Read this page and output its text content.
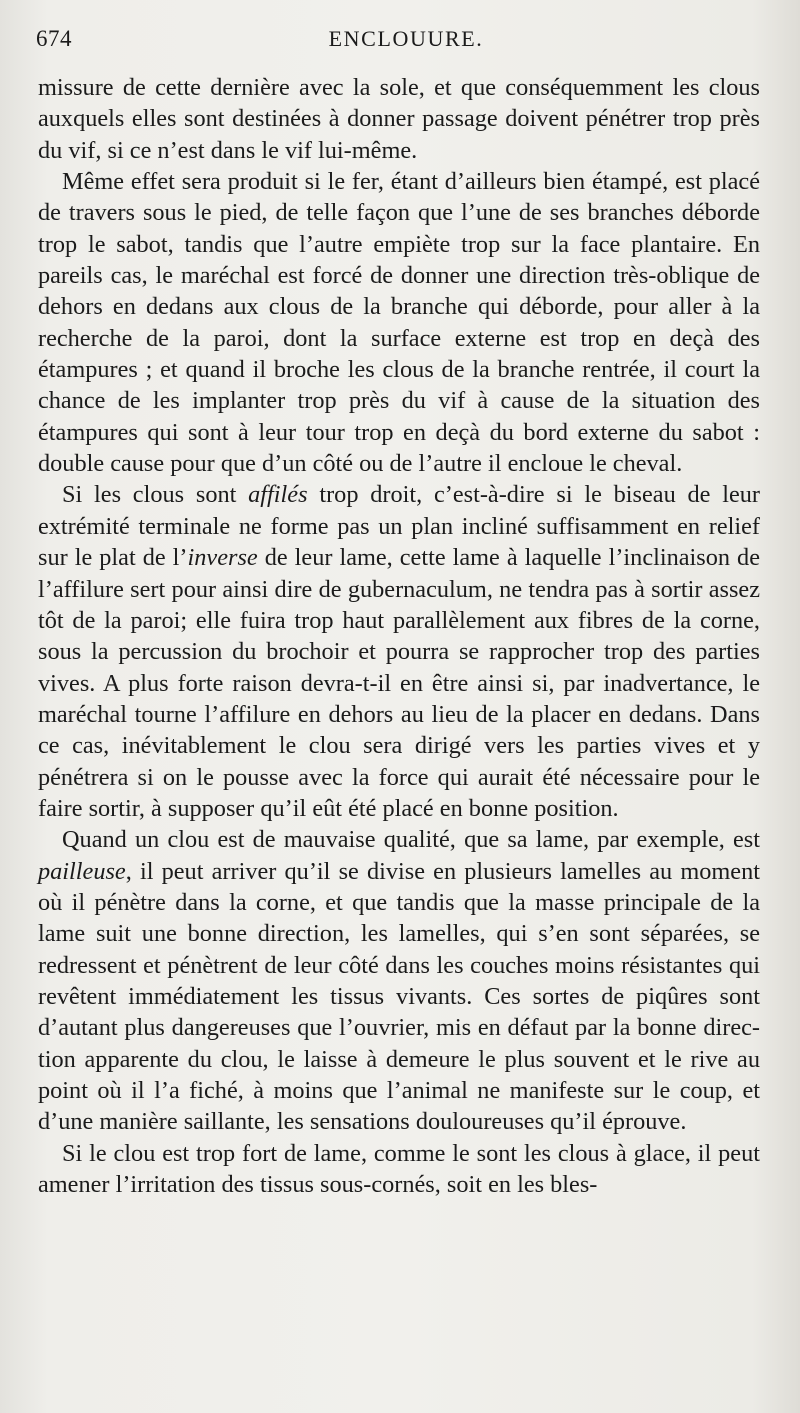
674	ENCLOUURE.

missure de cette dernière avec la sole, et que conséquemment les clous auxquels elles sont destinées à donner passage doivent pénétrer trop près du vif, si ce n’est dans le vif lui-même.

Même effet sera produit si le fer, étant d’ailleurs bien étampé, est placé de travers sous le pied, de telle façon que l’une de ses branches déborde trop le sabot, tandis que l’autre empiète trop sur la face plantaire. En pareils cas, le maréchal est forcé de donner une direction très-oblique de dehors en dedans aux clous de la branche qui déborde, pour aller à la recherche de la paroi, dont la surface externe est trop en deçà des étampures ; et quand il broche les clous de la branche rentrée, il court la chance de les implanter trop près du vif à cause de la situation des étampures qui sont à leur tour trop en deçà du bord externe du sabot : double cause pour que d’un côté ou de l’autre il encloue le cheval.

Si les clous sont affilés trop droit, c’est-à-dire si le biseau de leur extrémité terminale ne forme pas un plan incliné suffisamment en relief sur le plat de l’inverse de leur lame, cette lame à laquelle l’inclinaison de l’affilure sert pour ainsi dire de gubernaculum, ne tendra pas à sortir assez tôt de la paroi; elle fuira trop haut parallèlement aux fibres de la corne, sous la percussion du brochoir et pourra se rapprocher trop des parties vives. A plus forte raison devra-t-il en être ainsi si, par inadvertance, le maréchal tourne l’affilure en dehors au lieu de la placer en dedans. Dans ce cas, inévitablement le clou sera dirigé vers les parties vives et y pénétrera si on le pousse avec la force qui aurait été nécessaire pour le faire sortir, à supposer qu’il eût été placé en bonne position.

Quand un clou est de mauvaise qualité, que sa lame, par exemple, est pailleuse, il peut arriver qu’il se divise en plusieurs lamelles au moment où il pénètre dans la corne, et que tandis que la masse principale de la lame suit une bonne direction, les lamelles, qui s’en sont séparées, se redressent et pénètrent de leur côté dans les couches moins résistantes qui revêtent immédiatement les tissus vivants. Ces sortes de piqûres sont d’autant plus dangereuses que l’ouvrier, mis en défaut par la bonne direction apparente du clou, le laisse à demeure le plus souvent et le rive au point où il l’a fiché, à moins que l’animal ne manifeste sur le coup, et d’une manière saillante, les sensations douloureuses qu’il éprouve.

Si le clou est trop fort de lame, comme le sont les clous à glace, il peut amener l’irritation des tissus sous-cornés, soit en les bles-
